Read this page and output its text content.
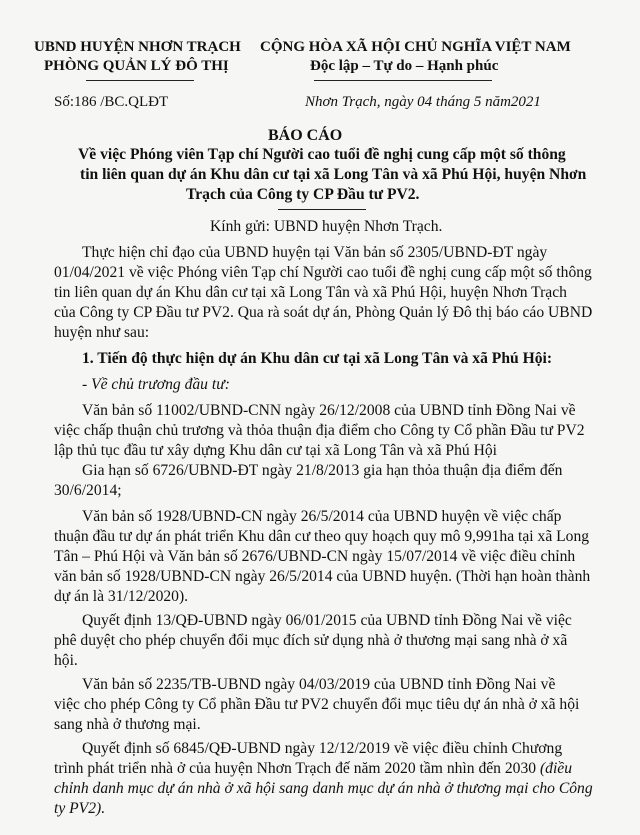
UBND HUYỆN NHƠN TRẠCH
PHÒNG QUẢN LÝ ĐÔ THỊ
CỘNG HÒA XÃ HỘI CHỦ NGHĨA VIỆT NAM
Độc lập – Tự do – Hạnh phúc
Số:186 /BC.QLĐT	Nhơn Trạch, ngày 04 tháng 5 năm2021
BÁO CÁO
Về việc Phóng viên Tạp chí Người cao tuổi đề nghị cung cấp một số thông
tin liên quan dự án Khu dân cư tại xã Long Tân và xã Phú Hội, huyện Nhơn
Trạch của Công ty CP Đầu tư PV2.
Kính gửi: UBND huyện Nhơn Trạch.
Thực hiện chỉ đạo của UBND huyện tại Văn bản số 2305/UBND-ĐT ngày
01/04/2021 về việc Phóng viên Tạp chí Người cao tuổi đề nghị cung cấp một số thông
tin liên quan dự án Khu dân cư tại xã Long Tân và xã Phú Hội, huyện Nhơn Trạch
của Công ty CP Đầu tư PV2. Qua rà soát dự án, Phòng Quản lý Đô thị báo cáo UBND
huyện như sau:
1. Tiến độ thực hiện dự án Khu dân cư tại xã Long Tân và xã Phú Hội:
- Về chủ trương đầu tư:
Văn bản số 11002/UBND-CNN ngày 26/12/2008 của UBND tỉnh Đồng Nai về
việc chấp thuận chủ trương và thỏa thuận địa điểm cho Công ty Cổ phần Đầu tư PV2
lập thủ tục đầu tư xây dựng Khu dân cư tại xã Long Tân và xã Phú Hội
Gia hạn số 6726/UBND-ĐT ngày 21/8/2013 gia hạn thỏa thuận địa điểm đến
30/6/2014;
Văn bản số 1928/UBND-CN ngày 26/5/2014 của UBND huyện về việc chấp
thuận đầu tư dự án phát triển Khu dân cư theo quy hoạch quy mô 9,991ha tại xã Long
Tân – Phú Hội và Văn bản số 2676/UBND-CN ngày 15/07/2014 về việc điều chỉnh
văn bản số 1928/UBND-CN ngày 26/5/2014 của UBND huyện. (Thời hạn hoàn thành
dự án là 31/12/2020).
Quyết định 13/QĐ-UBND ngày 06/01/2015 của UBND tỉnh Đồng Nai về việc
phê duyệt cho phép chuyển đổi mục đích sử dụng nhà ở thương mại sang nhà ở xã
hội.
Văn bản số 2235/TB-UBND ngày 04/03/2019 của UBND tỉnh Đồng Nai về
việc cho phép Công ty Cổ phần Đầu tư PV2 chuyển đổi mục tiêu dự án nhà ở xã hội
sang nhà ở thương mại.
Quyết định số 6845/QĐ-UBND ngày 12/12/2019 về việc điều chỉnh Chương
trình phát triển nhà ở của huyện Nhơn Trạch đế năm 2020 tầm nhìn đến 2030 (điều
chỉnh danh mục dự án nhà ở xã hội sang danh mục dự án nhà ở thương mại cho Công
ty PV2).
